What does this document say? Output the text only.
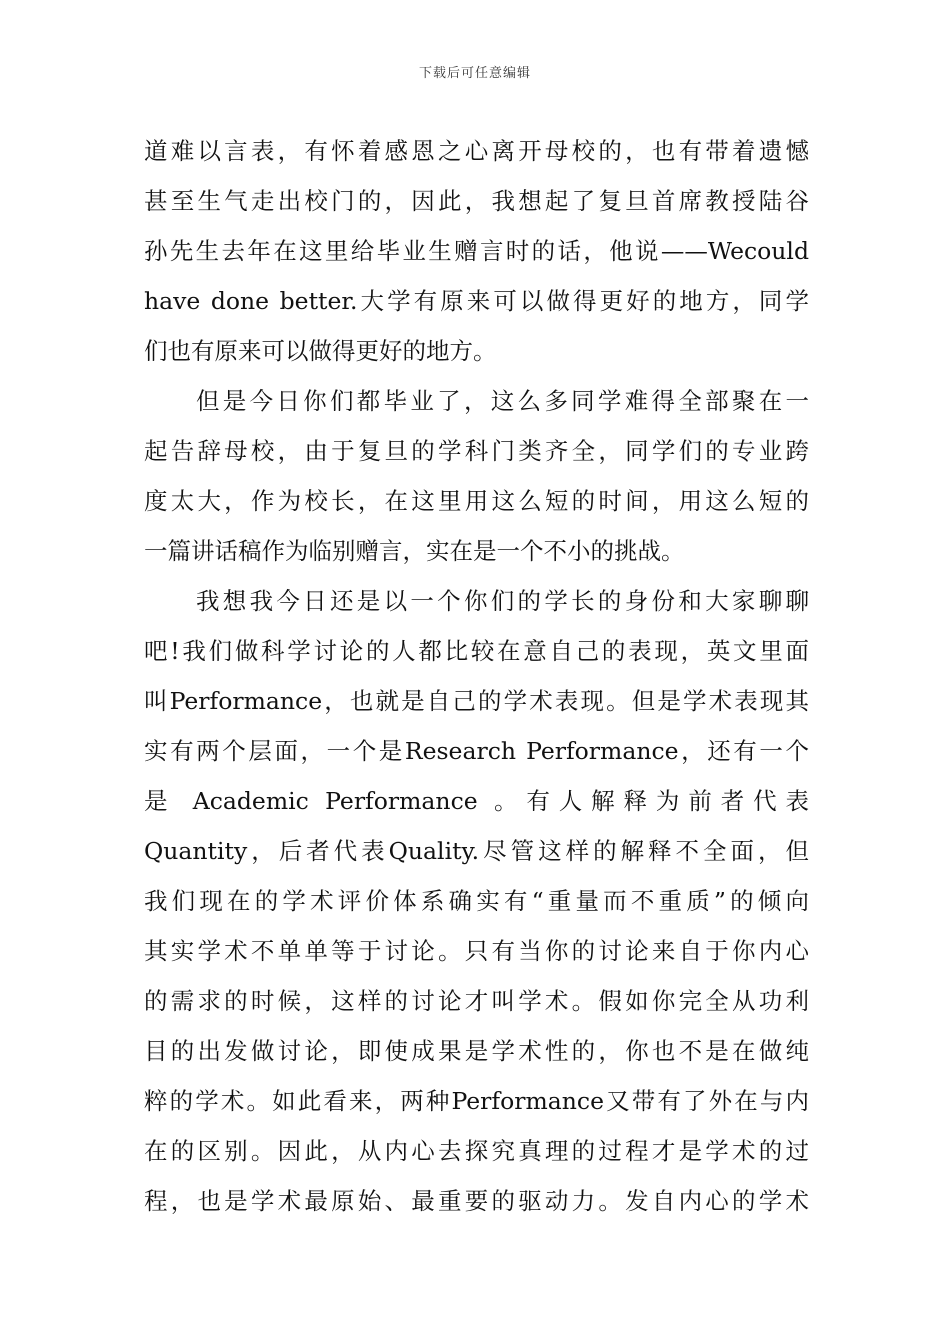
下载后可任意编辑
道难以言表，有怀着感恩之心离开母校的，也有带着遗憾
甚至生气走出校门的，因此，我想起了复旦首席教授陆谷
孙先生去年在这里给毕业生赠言时的话，他说——Wecould
have done better.大学有原来可以做得更好的地方，同学
们也有原来可以做得更好的地方。
但是今日你们都毕业了，这么多同学难得全部聚在一
起告辞母校，由于复旦的学科门类齐全，同学们的专业跨
度太大，作为校长，在这里用这么短的时间，用这么短的
一篇讲话稿作为临别赠言，实在是一个不小的挑战。
我想我今日还是以一个你们的学长的身份和大家聊聊
吧!我们做科学讨论的人都比较在意自己的表现，英文里面
叫Performance，也就是自己的学术表现。但是学术表现其
实有两个层面，一个是Research Performance，还有一个
是 Academic Performance 。有人解释为前者代表
Quantity，后者代表Quality.尽管这样的解释不全面，但
我们现在的学术评价体系确实有“重量而不重质”的倾向
其实学术不单单等于讨论。只有当你的讨论来自于你内心
的需求的时候，这样的讨论才叫学术。假如你完全从功利
目的出发做讨论，即使成果是学术性的，你也不是在做纯
粹的学术。如此看来，两种Performance又带有了外在与内
在的区别。因此，从内心去探究真理的过程才是学术的过
程，也是学术最原始、最重要的驱动力。发自内心的学术
